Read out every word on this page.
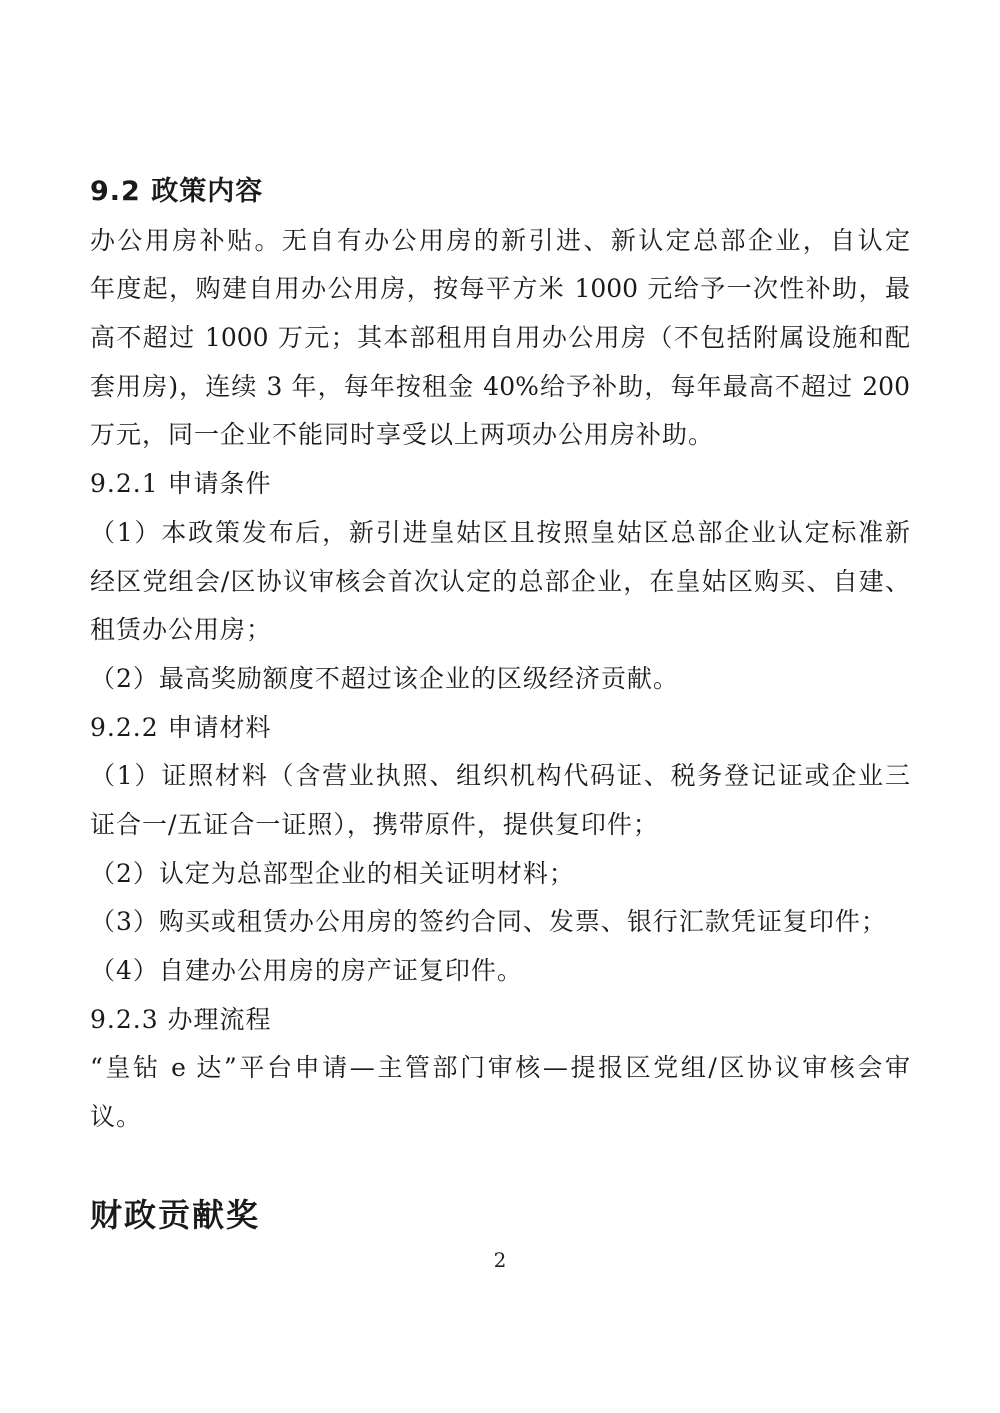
9.2 政策内容
办公用房补贴。无自有办公用房的新引进、新认定总部企业，自认定
年度起，购建自用办公用房，按每平方米 1000 元给予一次性补助，最
高不超过 1000 万元；其本部租用自用办公用房（不包括附属设施和配
套用房)，连续 3 年，每年按租金 40%给予补助，每年最高不超过 200
万元，同一企业不能同时享受以上两项办公用房补助。
9.2.1 申请条件
（1）本政策发布后，新引进皇姑区且按照皇姑区总部企业认定标准新
经区党组会/区协议审核会首次认定的总部企业，在皇姑区购买、自建、
租赁办公用房；
（2）最高奖励额度不超过该企业的区级经济贡献。
9.2.2 申请材料
（1）证照材料（含营业执照、组织机构代码证、税务登记证或企业三
证合一/五证合一证照），携带原件，提供复印件；
（2）认定为总部型企业的相关证明材料；
（3）购买或租赁办公用房的签约合同、发票、银行汇款凭证复印件；
（4）自建办公用房的房产证复印件。
9.2.3 办理流程
“皇钻 e 达”平台申请—主管部门审核—提报区党组/区协议审核会审
议。
财政贡献奖
2
